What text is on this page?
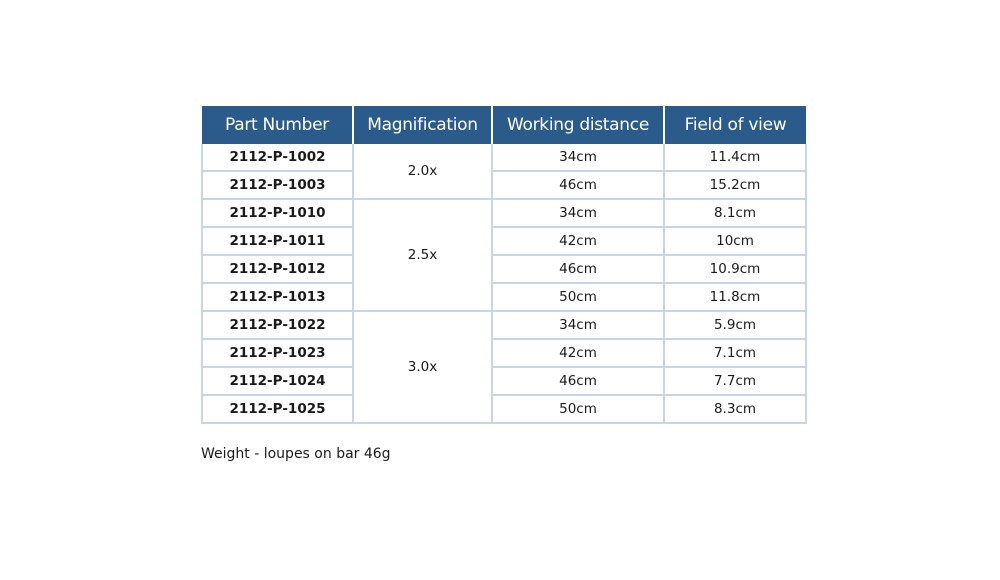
Part Number	Magnification	Working distance	Field of view
2112-P-1002	2.0x	34cm	11.4cm
2112-P-1003		46cm	15.2cm
2112-P-1010	2.5x	34cm	8.1cm
2112-P-1011		42cm	10cm
2112-P-1012		46cm	10.9cm
2112-P-1013		50cm	11.8cm
2112-P-1022	3.0x	34cm	5.9cm
2112-P-1023		42cm	7.1cm
2112-P-1024		46cm	7.7cm
2112-P-1025		50cm	8.3cm
Weight - loupes on bar 46g
